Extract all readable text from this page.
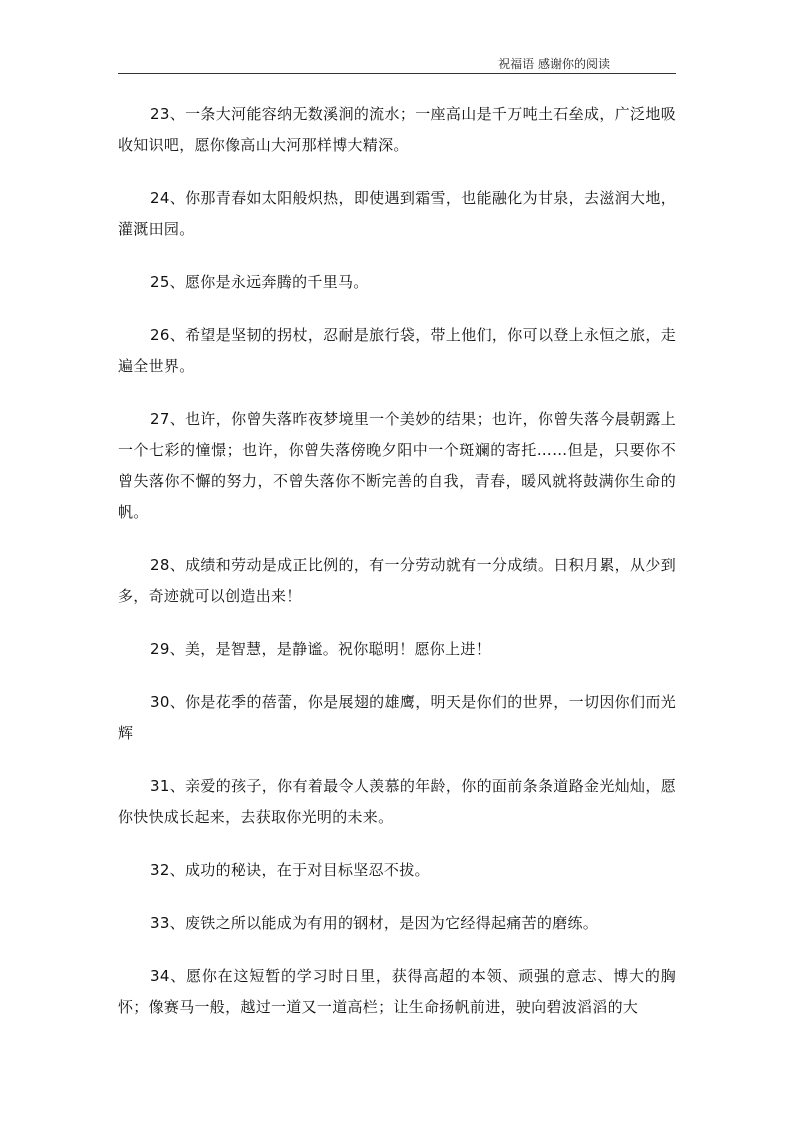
祝福语 感谢你的阅读

23、一条大河能容纳无数溪涧的流水；一座高山是千万吨土石垒成，广泛地吸收知识吧，愿你像高山大河那样博大精深。

24、你那青春如太阳般炽热，即使遇到霜雪，也能融化为甘泉，去滋润大地，灌溉田园。

25、愿你是永远奔腾的千里马。

26、希望是坚韧的拐杖，忍耐是旅行袋，带上他们，你可以登上永恒之旅，走遍全世界。

27、也许，你曾失落昨夜梦境里一个美妙的结果；也许，你曾失落今晨朝露上一个七彩的憧憬；也许，你曾失落傍晚夕阳中一个斑斓的寄托……但是，只要你不曾失落你不懈的努力，不曾失落你不断完善的自我，青春，暖风就将鼓满你生命的帆。

28、成绩和劳动是成正比例的，有一分劳动就有一分成绩。日积月累，从少到多，奇迹就可以创造出来！

29、美，是智慧，是静谧。祝你聪明！愿你上进！

30、你是花季的蓓蕾，你是展翅的雄鹰，明天是你们的世界，一切因你们而光辉

31、亲爱的孩子，你有着最令人羡慕的年龄，你的面前条条道路金光灿灿，愿你快快成长起来，去获取你光明的未来。

32、成功的秘诀，在于对目标坚忍不拔。

33、废铁之所以能成为有用的钢材，是因为它经得起痛苦的磨练。

34、愿你在这短暂的学习时日里，获得高超的本领、顽强的意志、博大的胸怀；像赛马一般，越过一道又一道高栏；让生命扬帆前进，驶向碧波滔滔的大
